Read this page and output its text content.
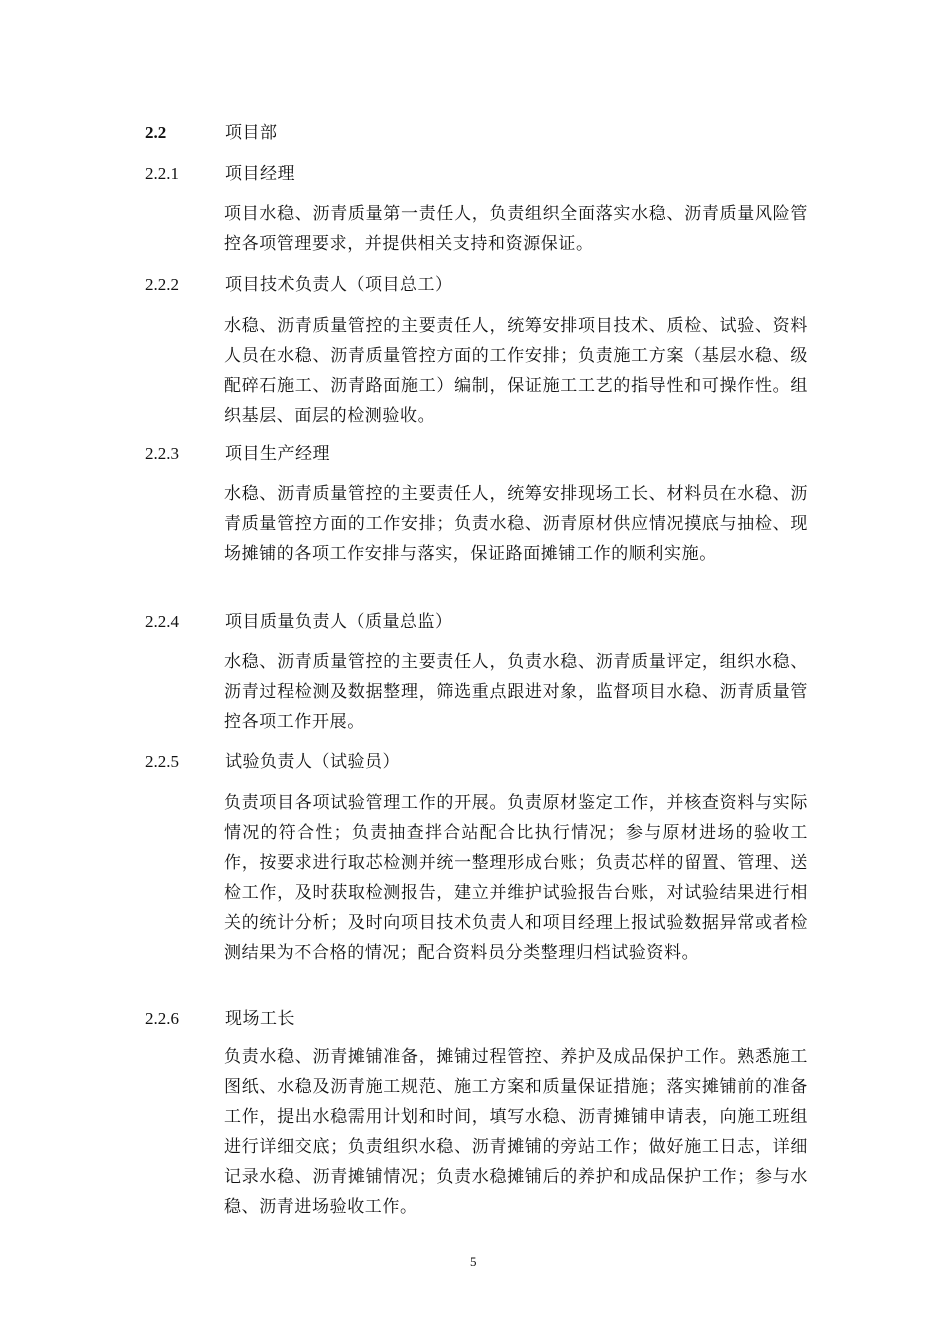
2.2	项目部
2.2.1	项目经理
项目水稳、沥青质量第一责任人，负责组织全面落实水稳、沥青质量风险管控各项管理要求，并提供相关支持和资源保证。
2.2.2	项目技术负责人（项目总工）
水稳、沥青质量管控的主要责任人，统筹安排项目技术、质检、试验、资料人员在水稳、沥青质量管控方面的工作安排；负责施工方案（基层水稳、级配碎石施工、沥青路面施工）编制，保证施工工艺的指导性和可操作性。组织基层、面层的检测验收。
2.2.3	项目生产经理
水稳、沥青质量管控的主要责任人，统筹安排现场工长、材料员在水稳、沥青质量管控方面的工作安排；负责水稳、沥青原材供应情况摸底与抽检、现场摊铺的各项工作安排与落实，保证路面摊铺工作的顺利实施。
2.2.4	项目质量负责人（质量总监）
水稳、沥青质量管控的主要责任人，负责水稳、沥青质量评定，组织水稳、沥青过程检测及数据整理，筛选重点跟进对象，监督项目水稳、沥青质量管控各项工作开展。
2.2.5	试验负责人（试验员）
负责项目各项试验管理工作的开展。负责原材鉴定工作，并核查资料与实际情况的符合性；负责抽查拌合站配合比执行情况；参与原材进场的验收工作，按要求进行取芯检测并统一整理形成台账；负责芯样的留置、管理、送检工作，及时获取检测报告，建立并维护试验报告台账，对试验结果进行相关的统计分析；及时向项目技术负责人和项目经理上报试验数据异常或者检测结果为不合格的情况；配合资料员分类整理归档试验资料。
2.2.6	现场工长
负责水稳、沥青摊铺准备，摊铺过程管控、养护及成品保护工作。熟悉施工图纸、水稳及沥青施工规范、施工方案和质量保证措施；落实摊铺前的准备工作，提出水稳需用计划和时间，填写水稳、沥青摊铺申请表，向施工班组进行详细交底；负责组织水稳、沥青摊铺的旁站工作；做好施工日志，详细记录水稳、沥青摊铺情况；负责水稳摊铺后的养护和成品保护工作；参与水稳、沥青进场验收工作。
5
